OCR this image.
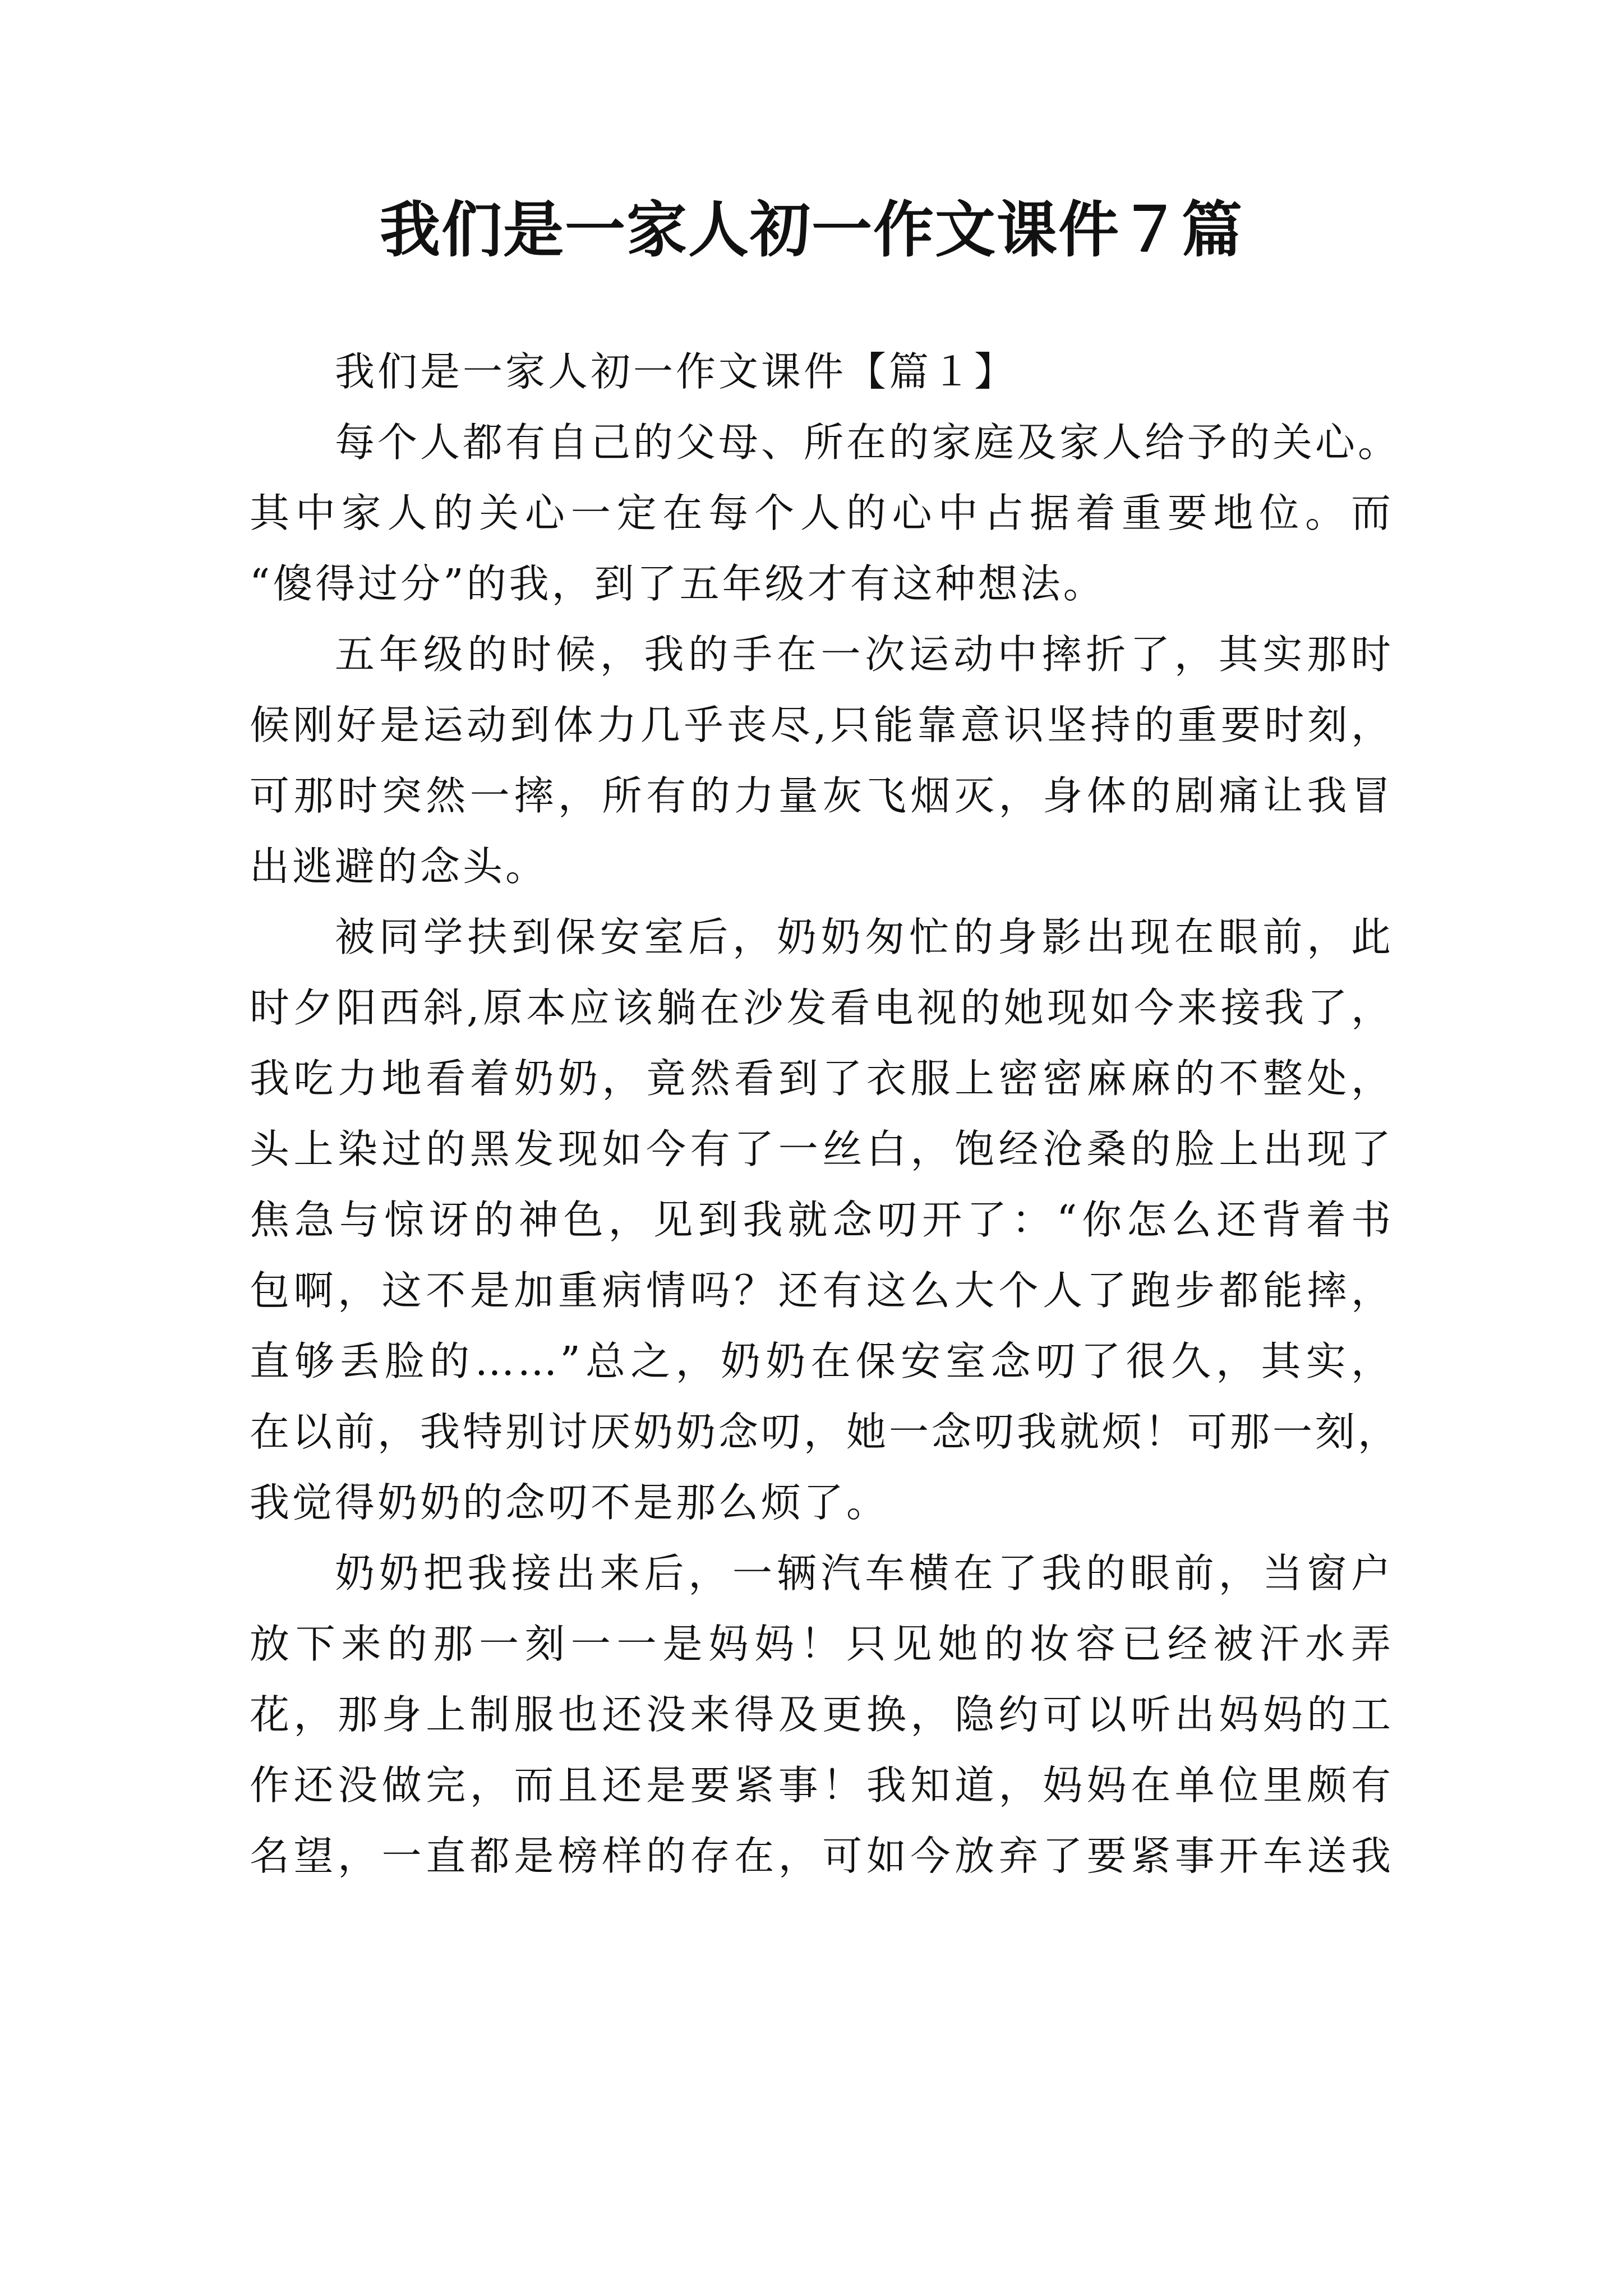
我们是一家人初一作文课件７篇
我们是一家人初一作文课件【篇１】

每个人都有自己的父母、所在的家庭及家人给予的关心。
其中家人的关心一定在每个人的心中占据着重要地位。而
“傻得过分”的我，到了五年级才有这种想法。

五年级的时候，我的手在一次运动中摔折了，其实那时
候刚好是运动到体力几乎丧尽,只能靠意识坚持的重要时刻，
可那时突然一摔，所有的力量灰飞烟灭，身体的剧痛让我冒
出逃避的念头。

被同学扶到保安室后，奶奶匆忙的身影出现在眼前，此
时夕阳西斜,原本应该躺在沙发看电视的她现如今来接我了，
我吃力地看着奶奶，竟然看到了衣服上密密麻麻的不整处，
头上染过的黑发现如今有了一丝白，饱经沧桑的脸上出现了
焦急与惊讶的神色，见到我就念叨开了：“你怎么还背着书
包啊，这不是加重病情吗？还有这么大个人了跑步都能摔，
直够丢脸的……”总之，奶奶在保安室念叨了很久，其实，
在以前，我特别讨厌奶奶念叨，她一念叨我就烦！可那一刻，
我觉得奶奶的念叨不是那么烦了。

奶奶把我接出来后，一辆汽车横在了我的眼前，当窗户
放下来的那一刻一一是妈妈！只见她的妆容已经被汗水弄
花，那身上制服也还没来得及更换，隐约可以听出妈妈的工
作还没做完，而且还是要紧事！我知道，妈妈在单位里颇有
名望，一直都是榜样的存在，可如今放弃了要紧事开车送我
